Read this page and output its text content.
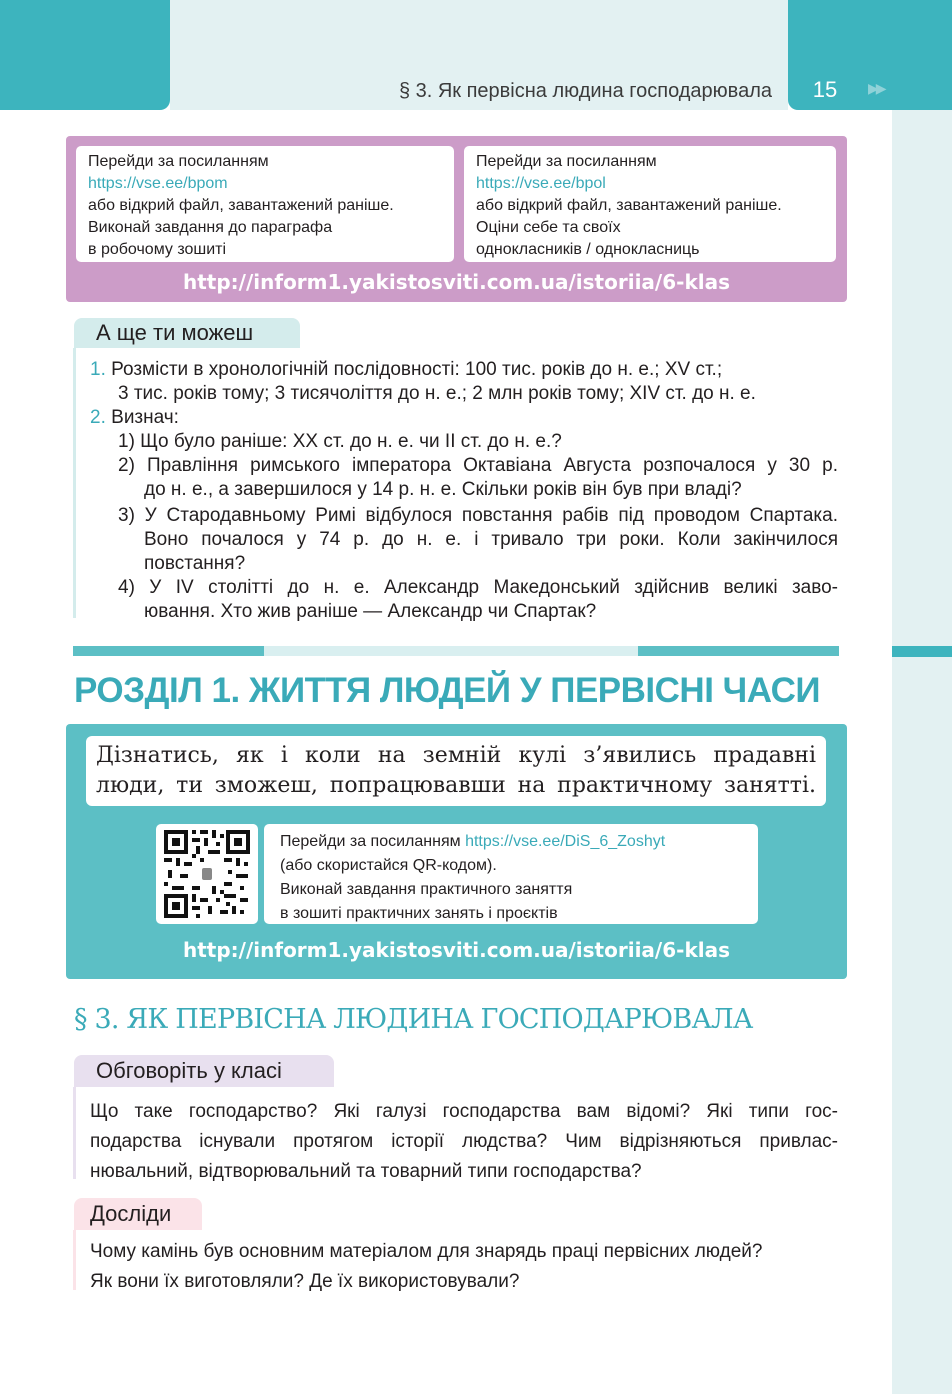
§ 3. Як первісна людина господарювала	15	▶▶
Перейди за посиланням
https://vse.ee/bpom
або відкрий файл, завантажений раніше.
Виконай завдання до параграфа
в робочому зошиті
Перейди за посиланням
https://vse.ee/bpol
або відкрий файл, завантажений раніше.
Оціни себе та своїх
однокласників / однокласниць
http://inform1.yakistosviti.com.ua/istoriia/6-klas
А ще ти можеш
1. Розмісти в хронологічній послідовності: 100 тис. років до н. е.; XV ст.;
3 тис. років тому; 3 тисячоліття до н. е.; 2 млн років тому; XIV ст. до н. е.
2. Визнач:
1) Що було раніше: XX ст. до н. е. чи II ст. до н. е.?
2) Правління римського імператора Октавіана Августа розпочалося у 30 р.
до н. е., а завершилося у 14 р. н. е. Скільки років він був при владі?
3) У Стародавньому Римі відбулося повстання рабів під проводом Спартака.
Воно почалося у 74 р. до н. е. і тривало три роки. Коли закінчилося
повстання?
4) У IV столітті до н. е. Александр Македонський здійснив великі заво-
ювання. Хто жив раніше — Александр чи Спартак?
РОЗДІЛ 1. ЖИТТЯ ЛЮДЕЙ У ПЕРВІСНІ ЧАСИ
Дізнатись, як і коли на земній кулі з’явились прадавні
люди, ти зможеш, попрацювавши на практичному занятті.
Перейди за посиланням https://vse.ee/DiS_6_Zoshyt
(або скористайся QR-кодом).
Виконай завдання практичного заняття
в зошиті практичних занять і проєктів
http://inform1.yakistosviti.com.ua/istoriia/6-klas
§ 3. ЯК ПЕРВІСНА ЛЮДИНА ГОСПОДАРЮВАЛА
Обговоріть у класі
Що таке господарство? Які галузі господарства вам відомі? Які типи гос-
подарства існували протягом історії людства? Чим відрізняються привлас-
нювальний, відтворювальний та товарний типи господарства?
Досліди
Чому камінь був основним матеріалом для знарядь праці первісних людей?
Як вони їх виготовляли? Де їх використовували?
